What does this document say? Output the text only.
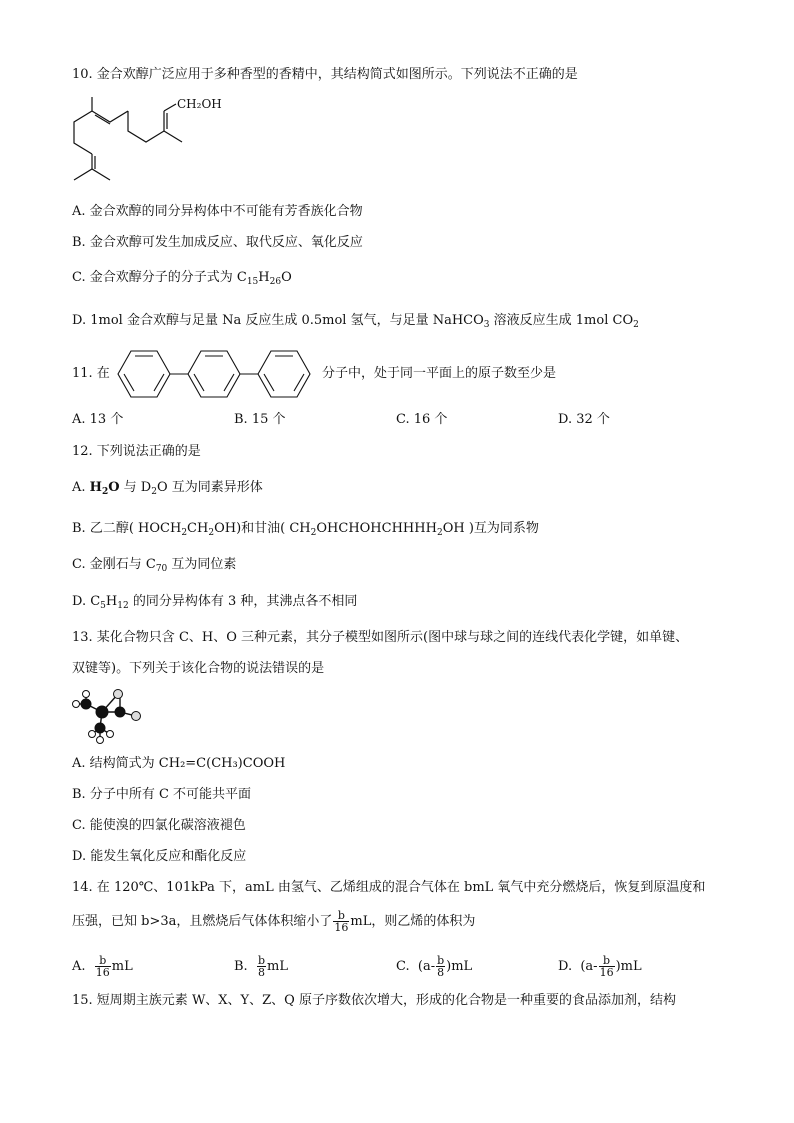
10. 金合欢醇广泛应用于多种香型的香精中，其结构简式如图所示。下列说法不正确的是
CH₂OH
A. 金合欢醇的同分异构体中不可能有芳香族化合物
B. 金合欢醇可发生加成反应、取代反应、氧化反应
C. 金合欢醇分子的分子式为 $C_{15}H_{26}O$
D. 1mol 金合欢醇与足量 Na 反应生成 0.5mol 氢气，与足量 NaHCO$_3$ 溶液反应生成 1mol $CO_2$
11. 在	分子中，处于同一平面上的原子数至少是
A. 13 个	B. 15 个	C. 16 个	D. 32 个
12. 下列说法正确的是
A. $H_2O$ 与 $D_2O$ 互为同素异形体
B. 乙二醇( $HOCH_2CH_2OH$)和甘油( $CH_2OHCHOHCHHHH_2OH$ )互为同系物
C. 金刚石与 $C_{70}$ 互为同位素
D. $C_5H_{12}$ 的同分异构体有 3 种，其沸点各不相同
13. 某化合物只含 C、H、O 三种元素，其分子模型如图所示(图中球与球之间的连线代表化学键，如单键、
双键等)。下列关于该化合物的说法错误的是
A. 结构简式为 CH₂=C(CH₃)COOH
B. 分子中所有 C 不可能共平面
C. 能使溴的四氯化碳溶液褪色
D. 能发生氧化反应和酯化反应
14. 在 120℃、101kPa 下，amL 由氢气、乙烯组成的混合气体在 bmL 氧气中充分燃烧后，恢复到原温度和
压强，已知 b>3a，且燃烧后气体体积缩小了 $\frac{b}{16}$ mL，则乙烯的体积为
A. $\frac{b}{16}$ mL	B. $\frac{b}{8}$ mL	C. $(a- \frac{b}{8} )mL$	D. $(a- \frac{b}{16} )mL$
15. 短周期主族元素 W、X、Y、Z、Q 原子序数依次增大，形成的化合物是一种重要的食品添加剂，结构
